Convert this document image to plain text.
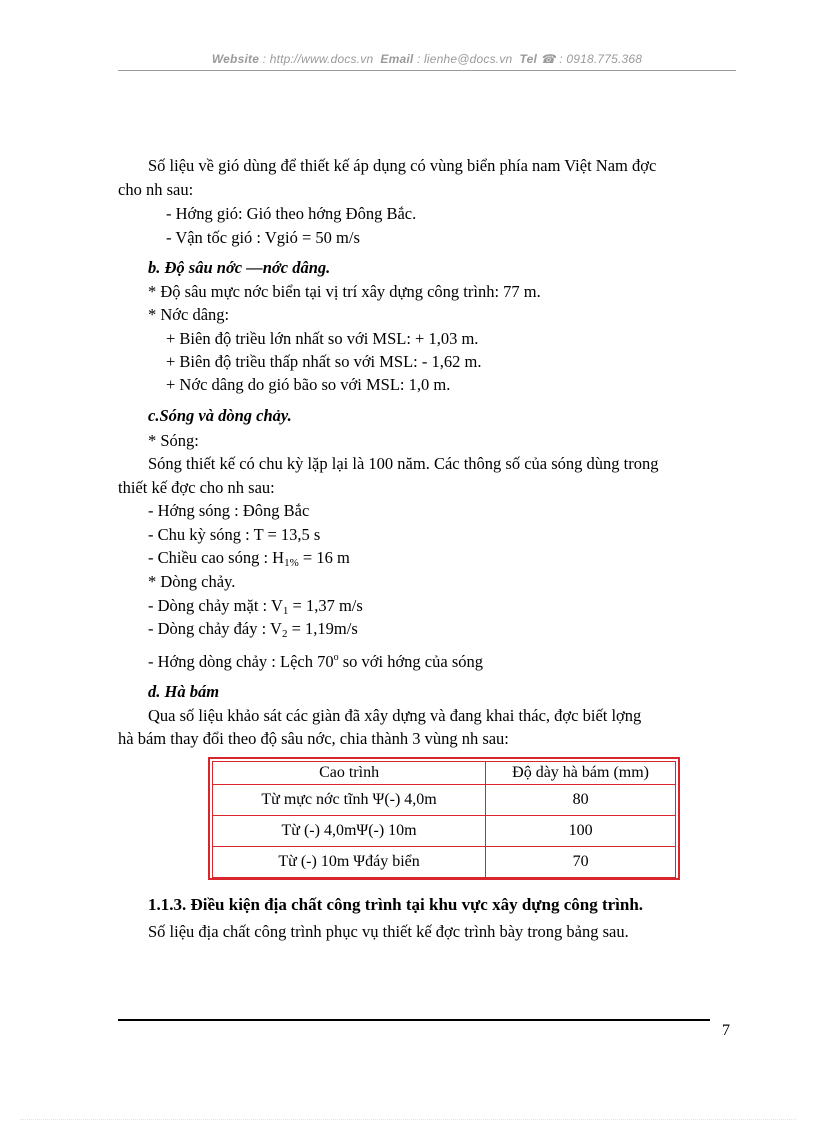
Website : http://www.docs.vn Email : lienhe@docs.vn Tel ☎ : 0918.775.368
Số liệu về gió dùng để thiết kế áp dụng có vùng biển phía nam Việt Nam đợc
cho nh sau:
- Hớng gió: Gió theo hớng Đông Bắc.
- Vận tốc gió : Vgió = 50 m/s
b. Độ sâu nớc —nớc dâng.
* Độ sâu mực nớc biển tại vị trí xây dựng công trình: 77 m.
* Nớc dâng:
+ Biên độ triều lớn nhất so với MSL: + 1,03 m.
+ Biên độ triều thấp nhất so với MSL: - 1,62 m.
+ Nớc dâng do gió bão so với MSL: 1,0 m.
c.Sóng và dòng chảy.
* Sóng:
Sóng thiết kế có chu kỳ lặp lại là 100 năm. Các thông số của sóng dùng trong
thiết kế đợc cho nh sau:
- Hớng sóng : Đông Bắc
- Chu kỳ sóng : T = 13,5 s
- Chiều cao sóng : $H_{1\%} = 16$ m
* Dòng chảy.
- Dòng chảy mặt : $V_1 = 1,37$ m/s
- Dòng chảy đáy : $V_2 = 1,19m/s$
- Hớng dòng chảy : Lệch 70$^o$ so với hớng của sóng
d. Hà bám
Qua số liệu khảo sát các giàn đã xây dựng và đang khai thác, đợc biết lợng
hà bám thay đổi theo độ sâu nớc, chia thành 3 vùng nh sau:
Cao trình	Độ dày hà bám (mm)
Từ mực nớc tĩnh Ψ(-) 4,0m	80
Từ (-) 4,0mΨ(-) 10m	100
Từ (-) 10m Ψđáy biển	70
1.1.3. Điều kiện địa chất công trình tại khu vực xây dựng công trình.
Số liệu địa chất công trình phục vụ thiết kế đợc trình bày trong bảng sau.
7
